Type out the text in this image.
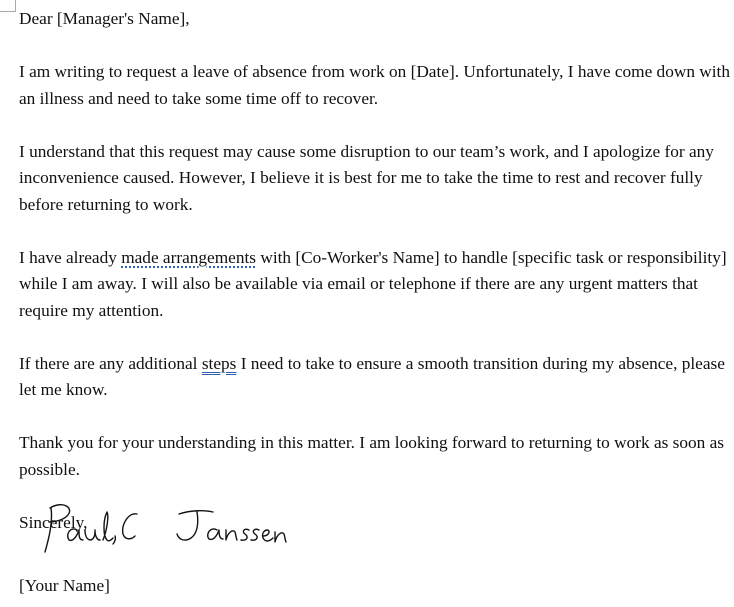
Dear [Manager's Name],

I am writing to request a leave of absence from work on [Date]. Unfortunately, I have come down with an illness and need to take some time off to recover.

I understand that this request may cause some disruption to our team’s work, and I apologize for any inconvenience caused. However, I believe it is best for me to take the time to rest and recover fully before returning to work.

I have already made arrangements with [Co-Worker's Name] to handle [specific task or responsibility] while I am away. I will also be available via email or telephone if there are any urgent matters that require my attention.

If there are any additional steps I need to take to ensure a smooth transition during my absence, please let me know.

Thank you for your understanding in this matter. I am looking forward to returning to work as soon as possible.

Sincerely,

[Your Name]
